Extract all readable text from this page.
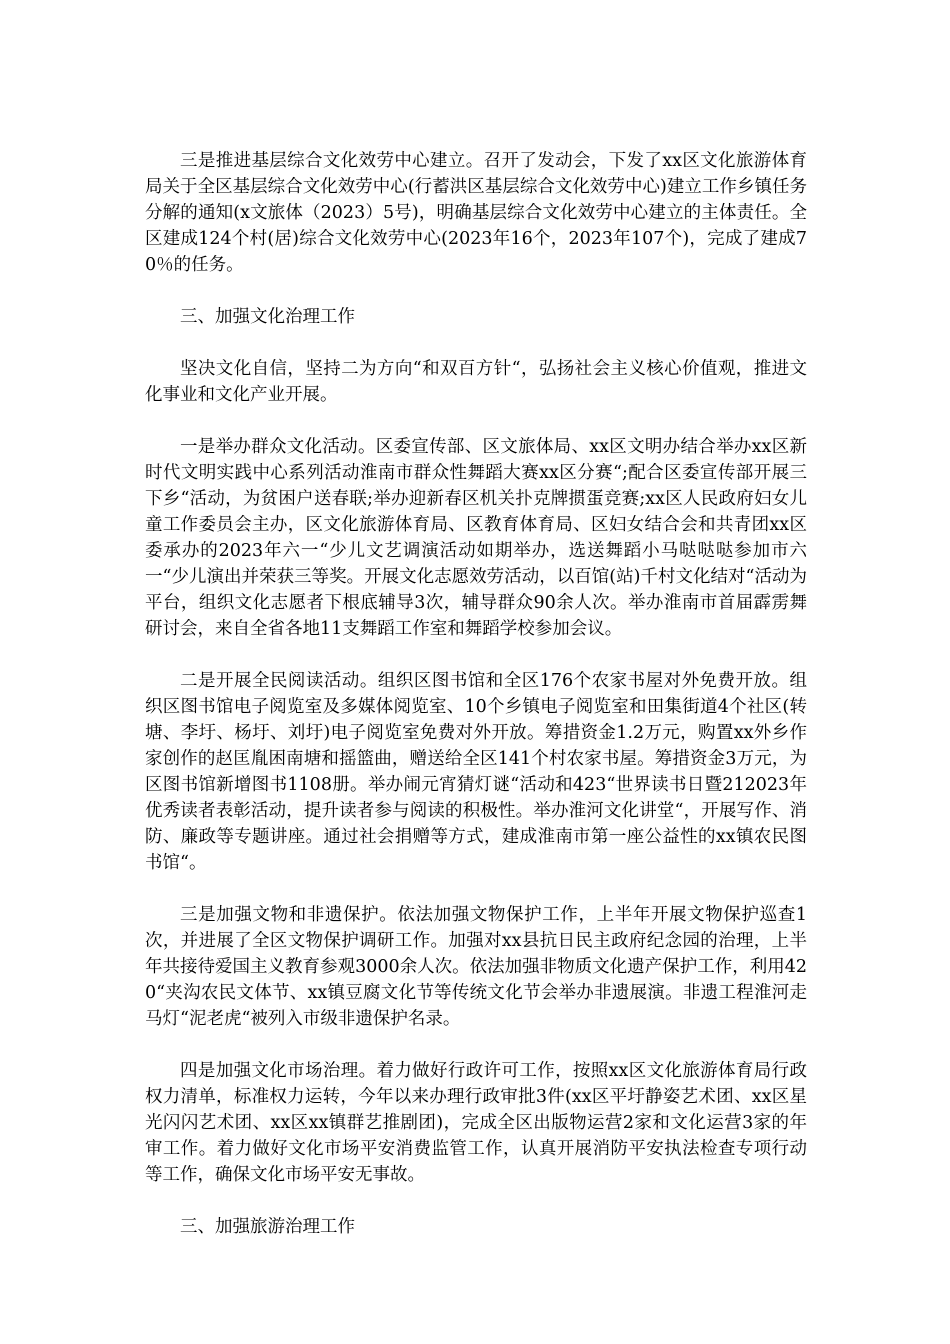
三是推进基层综合文化效劳中心建立。召开了发动会，下发了xx区文化旅游体育局关于全区基层综合文化效劳中心(行蓄洪区基层综合文化效劳中心)建立工作乡镇任务分解的通知(x文旅体（2023）5号)，明确基层综合文化效劳中心建立的主体责任。全区建成124个村(居)综合文化效劳中心(2023年16个，2023年107个)，完成了建成70％的任务。

三、加强文化治理工作

坚决文化自信，坚持二为方向“和双百方针“，弘扬社会主义核心价值观，推进文化事业和文化产业开展。

一是举办群众文化活动。区委宣传部、区文旅体局、xx区文明办结合举办xx区新时代文明实践中心系列活动淮南市群众性舞蹈大赛xx区分赛“;配合区委宣传部开展三下乡“活动，为贫困户送春联;举办迎新春区机关扑克牌掼蛋竞赛;xx区人民政府妇女儿童工作委员会主办，区文化旅游体育局、区教育体育局、区妇女结合会和共青团xx区委承办的2023年六一“少儿文艺调演活动如期举办，选送舞蹈小马哒哒哒参加市六一“少儿演出并荣获三等奖。开展文化志愿效劳活动，以百馆(站)千村文化结对“活动为平台，组织文化志愿者下根底辅导3次，辅导群众90余人次。举办淮南市首届霹雳舞研讨会，来自全省各地11支舞蹈工作室和舞蹈学校参加会议。

二是开展全民阅读活动。组织区图书馆和全区176个农家书屋对外免费开放。组织区图书馆电子阅览室及多媒体阅览室、10个乡镇电子阅览室和田集街道4个社区(转塘、李圩、杨圩、刘圩)电子阅览室免费对外开放。筹措资金1.2万元，购置xx外乡作家创作的赵匡胤困南塘和摇篮曲，赠送给全区141个村农家书屋。筹措资金3万元，为区图书馆新增图书1108册。举办闹元宵猜灯谜“活动和423“世界读书日暨212023年优秀读者表彰活动，提升读者参与阅读的积极性。举办淮河文化讲堂“，开展写作、消防、廉政等专题讲座。通过社会捐赠等方式，建成淮南市第一座公益性的xx镇农民图书馆“。

三是加强文物和非遗保护。依法加强文物保护工作，上半年开展文物保护巡查1次，并进展了全区文物保护调研工作。加强对xx县抗日民主政府纪念园的治理，上半年共接待爱国主义教育参观3000余人次。依法加强非物质文化遗产保护工作，利用420“夹沟农民文体节、xx镇豆腐文化节等传统文化节会举办非遗展演。非遗工程淮河走马灯“泥老虎“被列入市级非遗保护名录。

四是加强文化市场治理。着力做好行政许可工作，按照xx区文化旅游体育局行政权力清单，标准权力运转，今年以来办理行政审批3件(xx区平圩静姿艺术团、xx区星光闪闪艺术团、xx区xx镇群艺推剧团)，完成全区出版物运营2家和文化运营3家的年审工作。着力做好文化市场平安消费监管工作，认真开展消防平安执法检查专项行动等工作，确保文化市场平安无事故。

三、加强旅游治理工作
